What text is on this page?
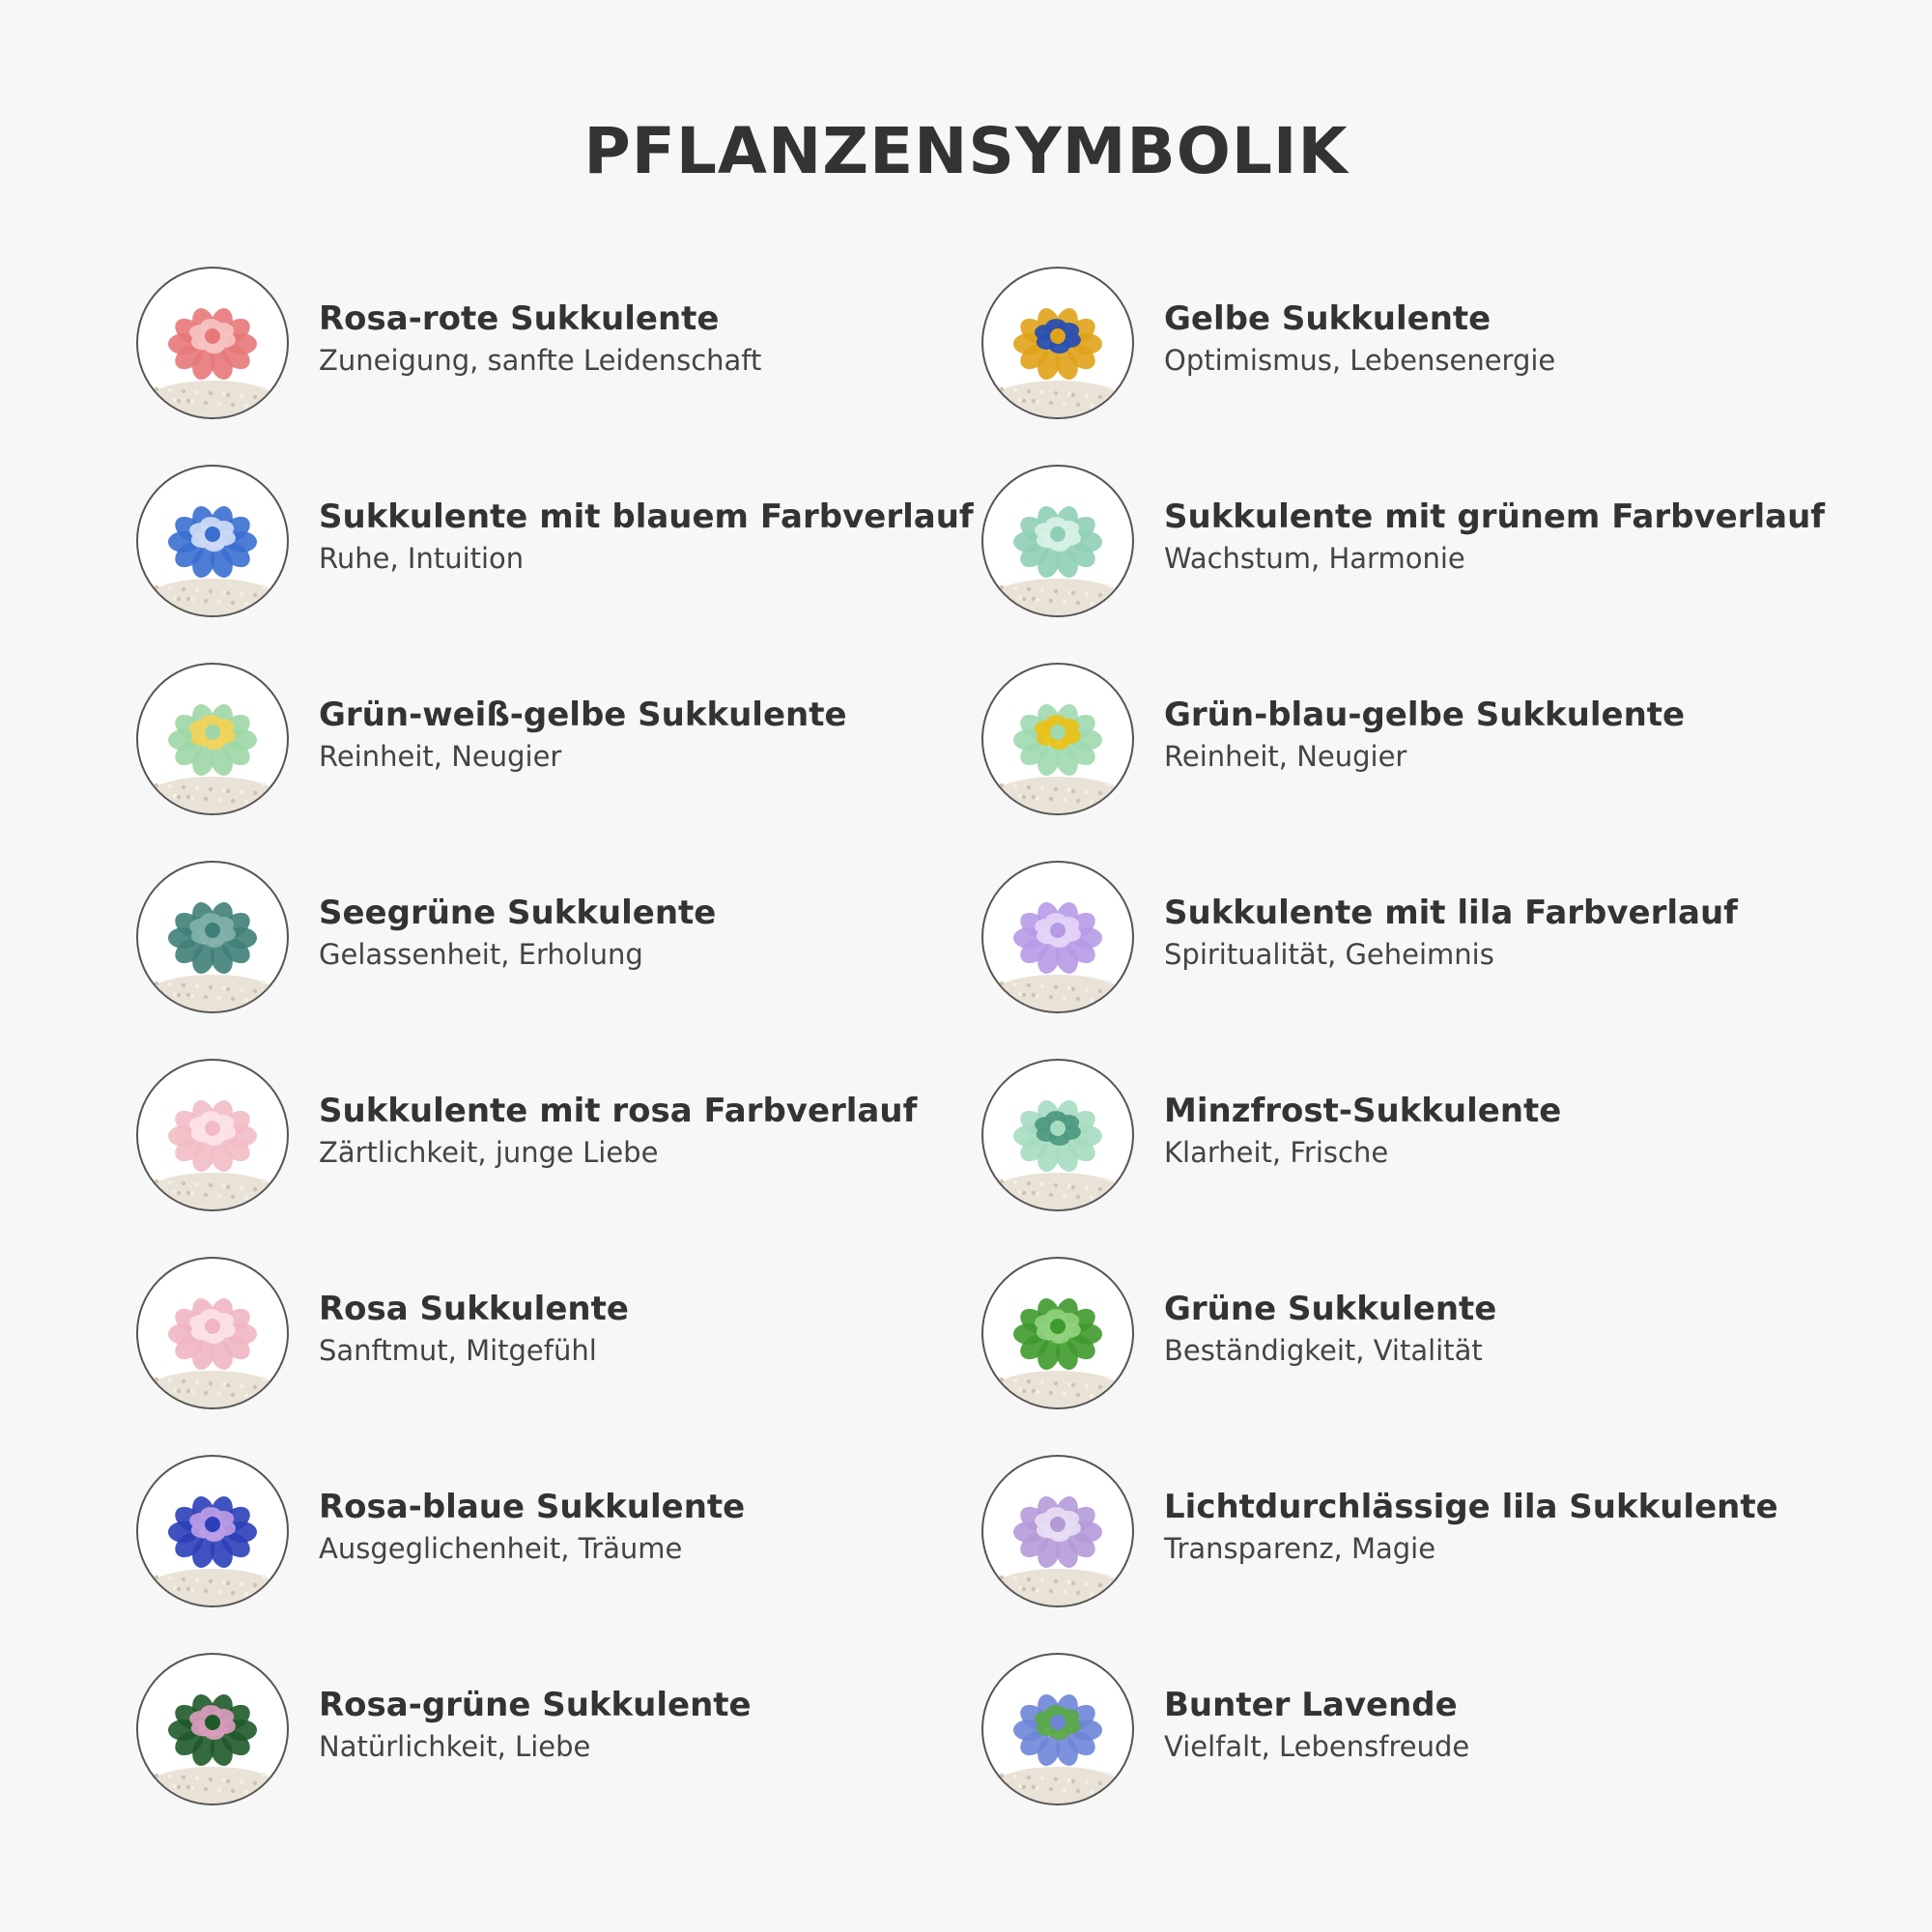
PFLANZENSYMBOLIK
Rosa-rote Sukkulente
Zuneigung, sanfte Leidenschaft
Sukkulente mit blauem Farbverlauf
Ruhe, Intuition
Grün-weiß-gelbe Sukkulente
Reinheit, Neugier
Seegrüne Sukkulente
Gelassenheit, Erholung
Sukkulente mit rosa Farbverlauf
Zärtlichkeit, junge Liebe
Rosa Sukkulente
Sanftmut, Mitgefühl
Rosa-blaue Sukkulente
Ausgeglichenheit, Träume
Rosa-grüne Sukkulente
Natürlichkeit, Liebe
Gelbe Sukkulente
Optimismus, Lebensenergie
Sukkulente mit grünem Farbverlauf
Wachstum, Harmonie
Grün-blau-gelbe Sukkulente
Reinheit, Neugier
Sukkulente mit lila Farbverlauf
Spiritualität, Geheimnis
Minzfrost-Sukkulente
Klarheit, Frische
Grüne Sukkulente
Beständigkeit, Vitalität
Lichtdurchlässige lila Sukkulente
Transparenz, Magie
Bunter Lavende
Vielfalt, Lebensfreude
